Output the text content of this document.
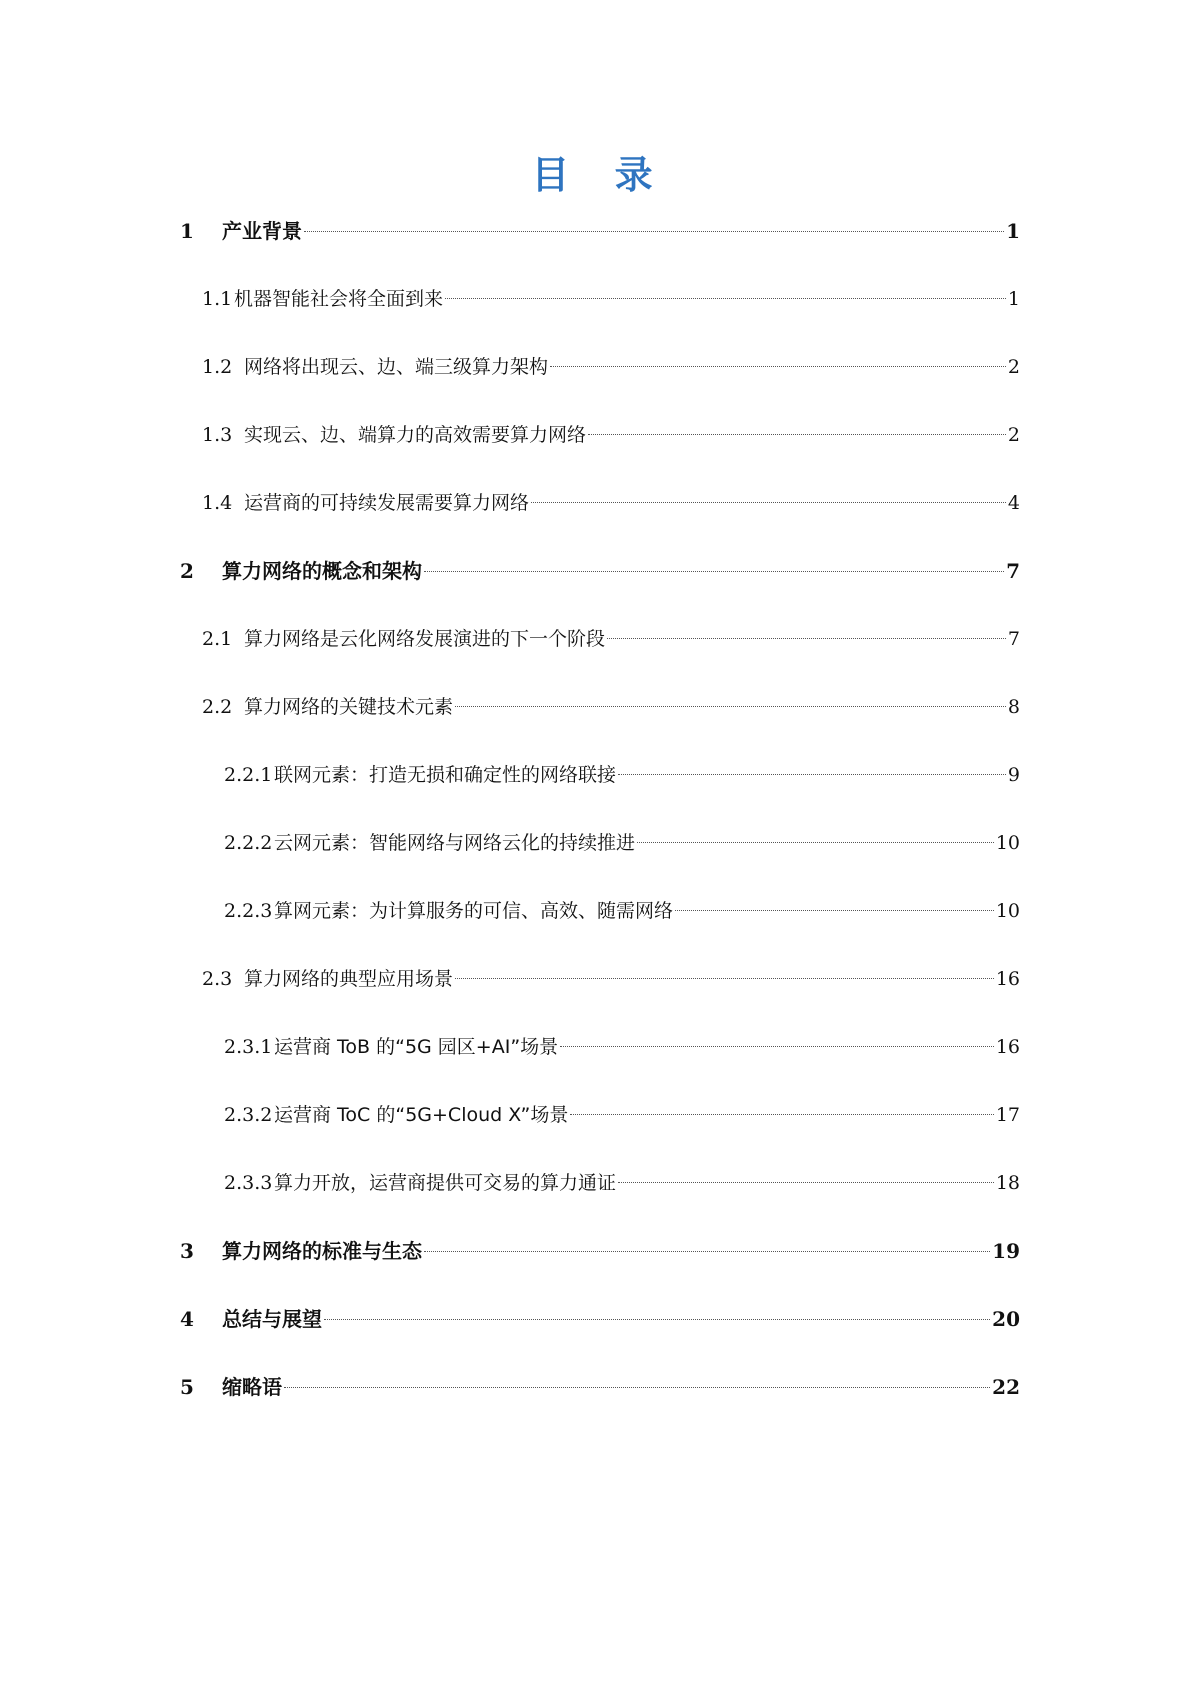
目 录
1	产业背景	1
1.1 机器智能社会将全面到来	1
1.2 网络将出现云、边、端三级算力架构	2
1.3 实现云、边、端算力的高效需要算力网络	2
1.4 运营商的可持续发展需要算力网络	4
2	算力网络的概念和架构	7
2.1 算力网络是云化网络发展演进的下一个阶段	7
2.2 算力网络的关键技术元素	8
2.2.1 联网元素：打造无损和确定性的网络联接	9
2.2.2 云网元素：智能网络与网络云化的持续推进	10
2.2.3 算网元素：为计算服务的可信、高效、随需网络	10
2.3 算力网络的典型应用场景	16
2.3.1 运营商 ToB 的“5G 园区+AI”场景	16
2.3.2 运营商 ToC 的“5G+Cloud X”场景	17
2.3.3 算力开放，运营商提供可交易的算力通证	18
3	算力网络的标准与生态	19
4	总结与展望	20
5	缩略语	22
